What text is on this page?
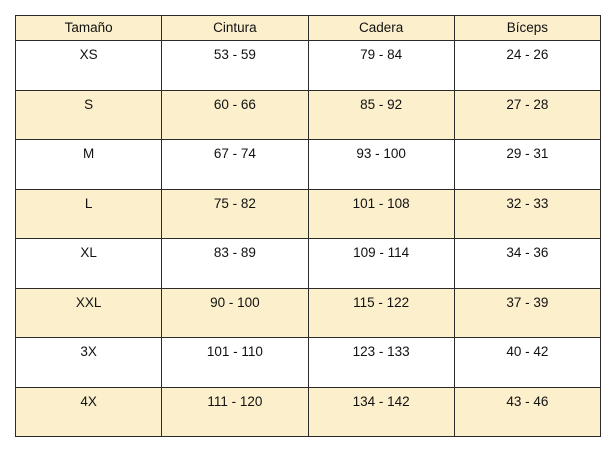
Tamaño	Cintura	Cadera	Bíceps
XS	53 - 59	79 - 84	24 - 26
S	60 - 66	85 - 92	27 - 28
M	67 - 74	93 - 100	29 - 31
L	75 - 82	101 - 108	32 - 33
XL	83 - 89	109 - 114	34 - 36
XXL	90 - 100	115 - 122	37 - 39
3X	101 - 110	123 - 133	40 - 42
4X	111 - 120	134 - 142	43 - 46
